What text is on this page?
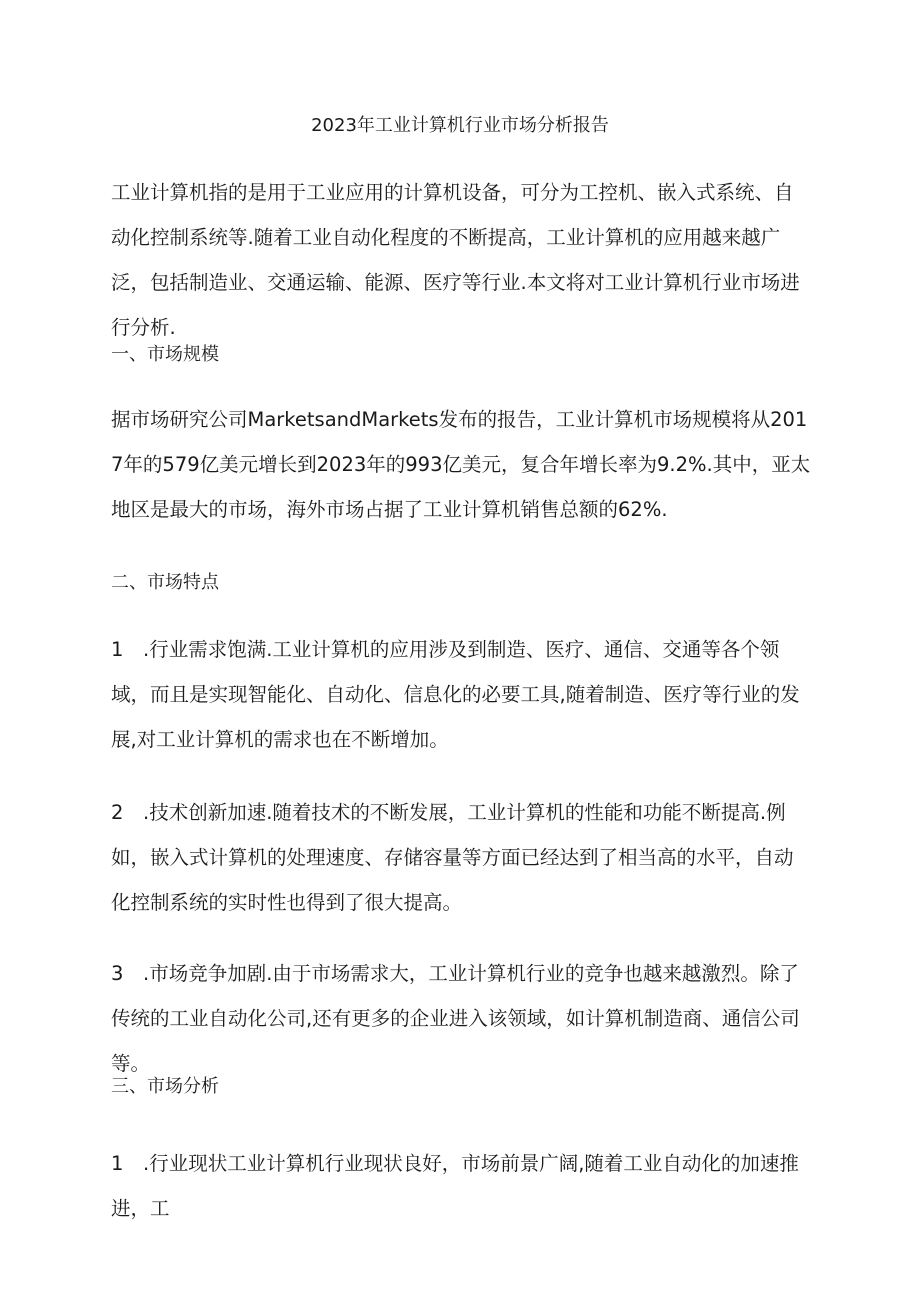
2023年工业计算机行业市场分析报告

工业计算机指的是用于工业应用的计算机设备，可分为工控机、嵌入式系统、自动化控制系统等.随着工业自动化程度的不断提高，工业计算机的应用越来越广泛，包括制造业、交通运输、能源、医疗等行业.本文将对工业计算机行业市场进行分析.

一、市场规模

据市场研究公司MarketsandMarkets发布的报告，工业计算机市场规模将从2017年的579亿美元增长到2023年的993亿美元，复合年增长率为9.2%.其中，亚太地区是最大的市场，海外市场占据了工业计算机销售总额的62%.

二、市场特点

1 .行业需求饱满.工业计算机的应用涉及到制造、医疗、通信、交通等各个领域，而且是实现智能化、自动化、信息化的必要工具,随着制造、医疗等行业的发展,对工业计算机的需求也在不断增加。

2 .技术创新加速.随着技术的不断发展，工业计算机的性能和功能不断提高.例如，嵌入式计算机的处理速度、存储容量等方面已经达到了相当高的水平，自动化控制系统的实时性也得到了很大提高。

3 .市场竞争加剧.由于市场需求大，工业计算机行业的竞争也越来越激烈。除了传统的工业自动化公司,还有更多的企业进入该领域，如计算机制造商、通信公司等。

三、市场分析

1 .行业现状工业计算机行业现状良好，市场前景广阔,随着工业自动化的加速推进，工
